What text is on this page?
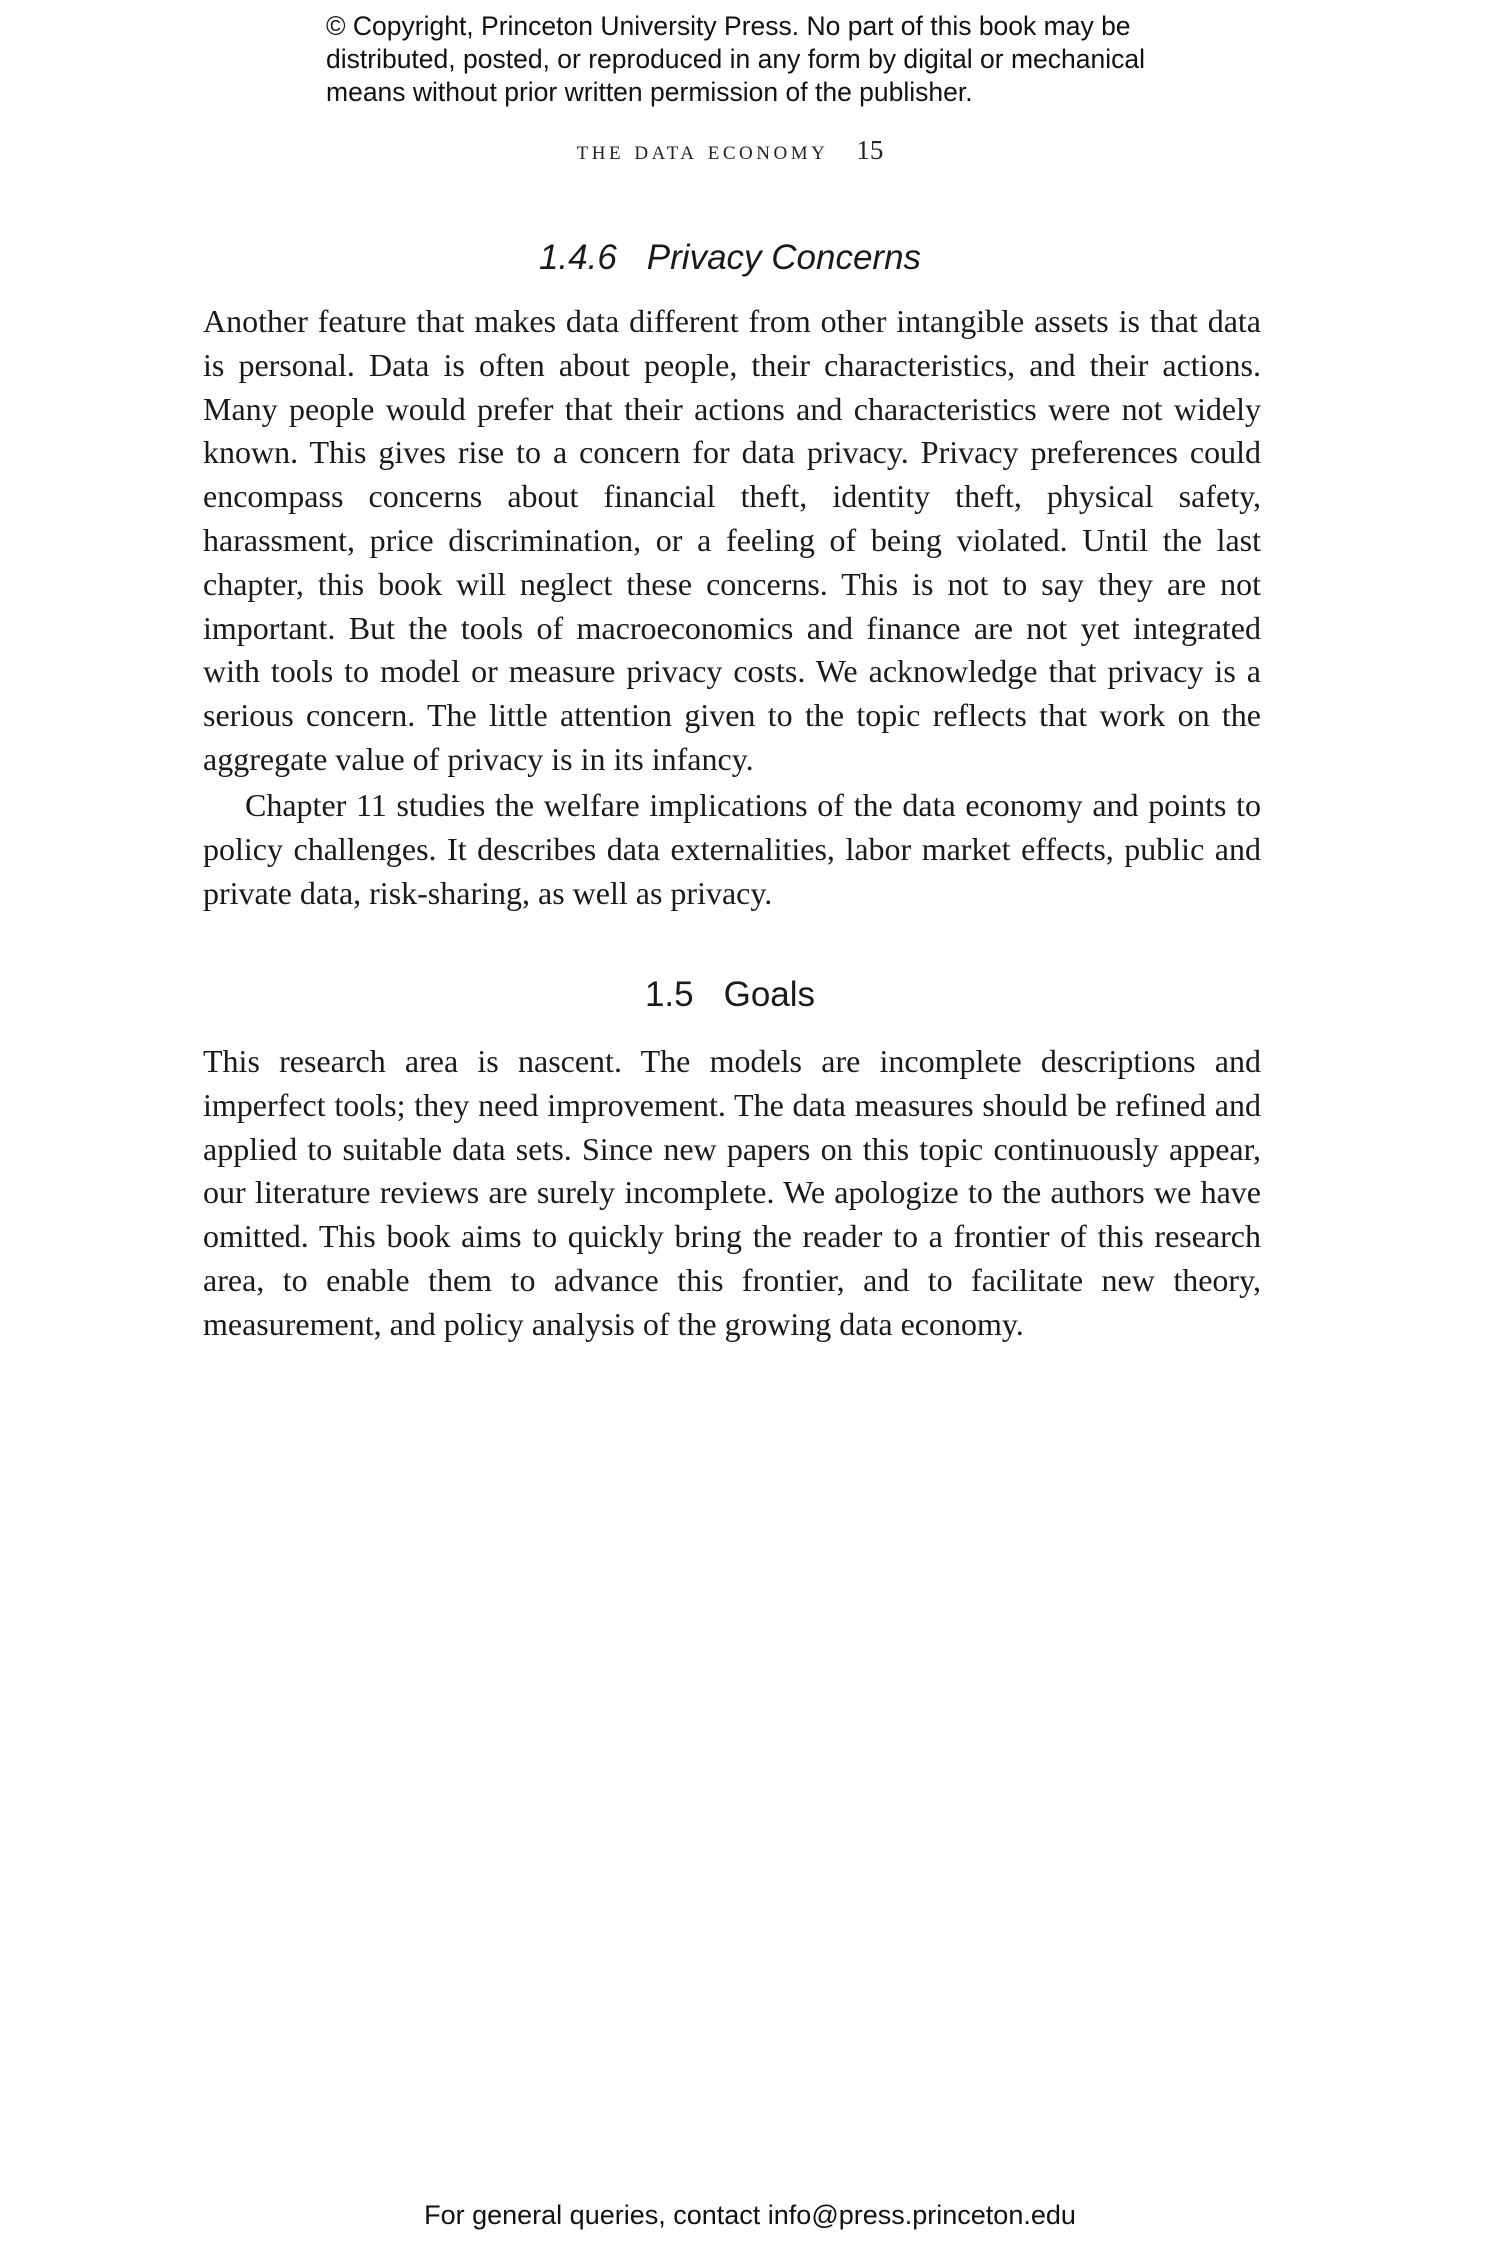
© Copyright, Princeton University Press. No part of this book may be
distributed, posted, or reproduced in any form by digital or mechanical
means without prior written permission of the publisher.
the data economy 15
1.4.6 Privacy Concerns

Another feature that makes data different from other intangible assets is that data is personal. Data is often about people, their characteristics, and their actions. Many people would prefer that their actions and characteristics were not widely known. This gives rise to a concern for data privacy. Privacy preferences could encompass concerns about financial theft, identity theft, physical safety, harassment, price discrimination, or a feeling of being violated. Until the last chapter, this book will neglect these concerns. This is not to say they are not important. But the tools of macroeconomics and finance are not yet integrated with tools to model or measure privacy costs. We acknowledge that privacy is a serious concern. The little attention given to the topic reflects that work on the aggregate value of privacy is in its infancy.

Chapter 11 studies the welfare implications of the data economy and points to policy challenges. It describes data externalities, labor market effects, public and private data, risk-sharing, as well as privacy.

1.5 Goals

This research area is nascent. The models are incomplete descriptions and imperfect tools; they need improvement. The data measures should be refined and applied to suitable data sets. Since new papers on this topic continuously appear, our literature reviews are surely incomplete. We apologize to the authors we have omitted. This book aims to quickly bring the reader to a frontier of this research area, to enable them to advance this frontier, and to facilitate new theory, measurement, and policy analysis of the growing data economy.

For general queries, contact info@press.princeton.edu
